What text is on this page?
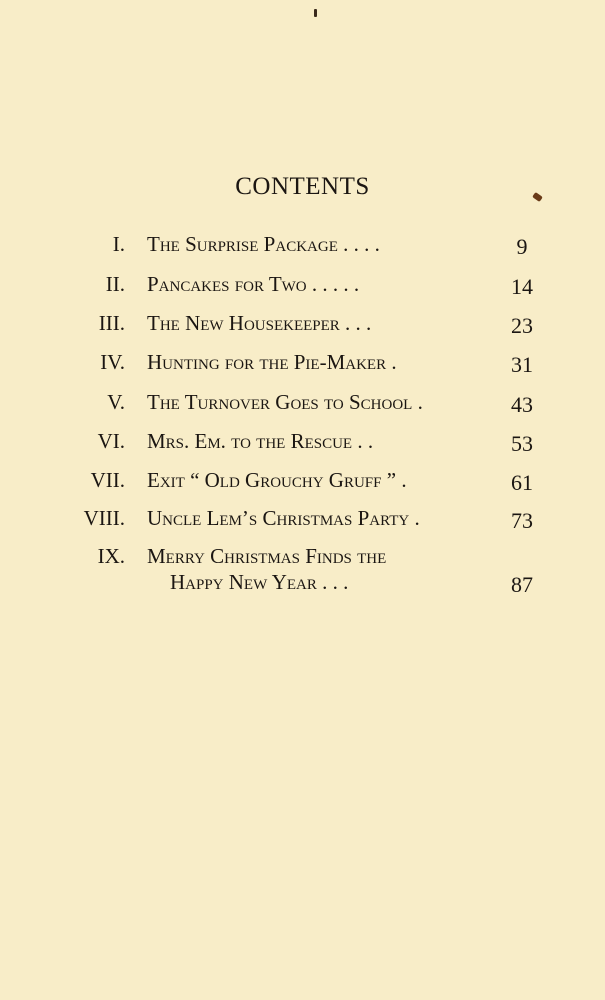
CONTENTS
I. The Surprise Package . . . .	9
II. Pancakes for Two . . . . .	14
III. The New Housekeeper . . .	23
IV. Hunting for the Pie-Maker .	31
V. The Turnover Goes to School .	43
VI. Mrs. Em. to the Rescue . .	53
VII. Exit “ Old Grouchy Gruff ” .	61
VIII. Uncle Lem’s Christmas Party .	73
IX. Merry Christmas Finds the
Happy New Year . . .	87
